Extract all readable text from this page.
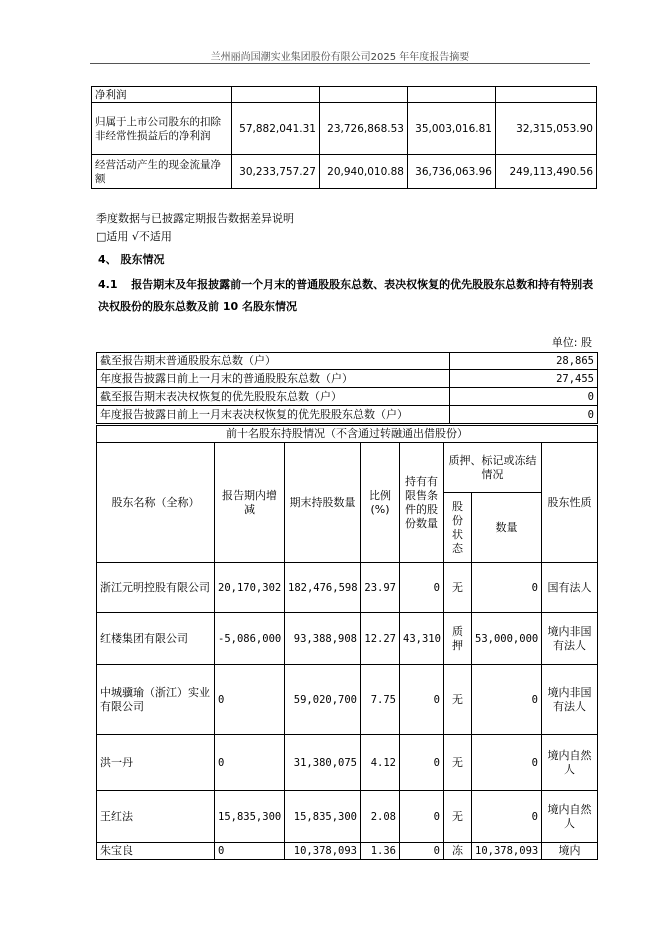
兰州丽尚国潮实业集团股份有限公司2025 年年度报告摘要
净利润				
归属于上市公司股东的扣除非经常性损益后的净利润	57,882,041.31	23,726,868.53	35,003,016.81	32,315,053.90
经营活动产生的现金流量净额	30,233,757.27	20,940,010.88	36,736,063.96	249,113,490.56
季度数据与已披露定期报告数据差异说明
□适用 √不适用
4、 股东情况
4.1 报告期末及年报披露前一个月末的普通股股东总数、表决权恢复的优先股股东总数和持有特别表决权股份的股东总数及前 10 名股东情况
单位: 股
截至报告期末普通股股东总数（户）	28,865
年度报告披露日前上一月末的普通股股东总数（户）	27,455
截至报告期末表决权恢复的优先股股东总数（户）	0
年度报告披露日前上一月末表决权恢复的优先股股东总数（户）	0
前十名股东持股情况（不含通过转融通出借股份）							
股东名称（全称）	报告期内增减	期末持股数量	比例(%)	持有有限售条件的股份数量	质押、标记或冻结情况		股东性质
					股份状态	数量	
浙江元明控股有限公司	20,170,302	182,476,598	23.97	0	无	0	国有法人
红楼集团有限公司	-5,086,000	93,388,908	12.27	43,310	质押	53,000,000	境内非国有法人
中城骥瑜（浙江）实业有限公司	0	59,020,700	7.75	0	无	0	境内非国有法人
洪一丹	0	31,380,075	4.12	0	无	0	境内自然人
王红法	15,835,300	15,835,300	2.08	0	无	0	境内自然人
朱宝良	0	10,378,093	1.36	0	冻	10,378,093	境内
